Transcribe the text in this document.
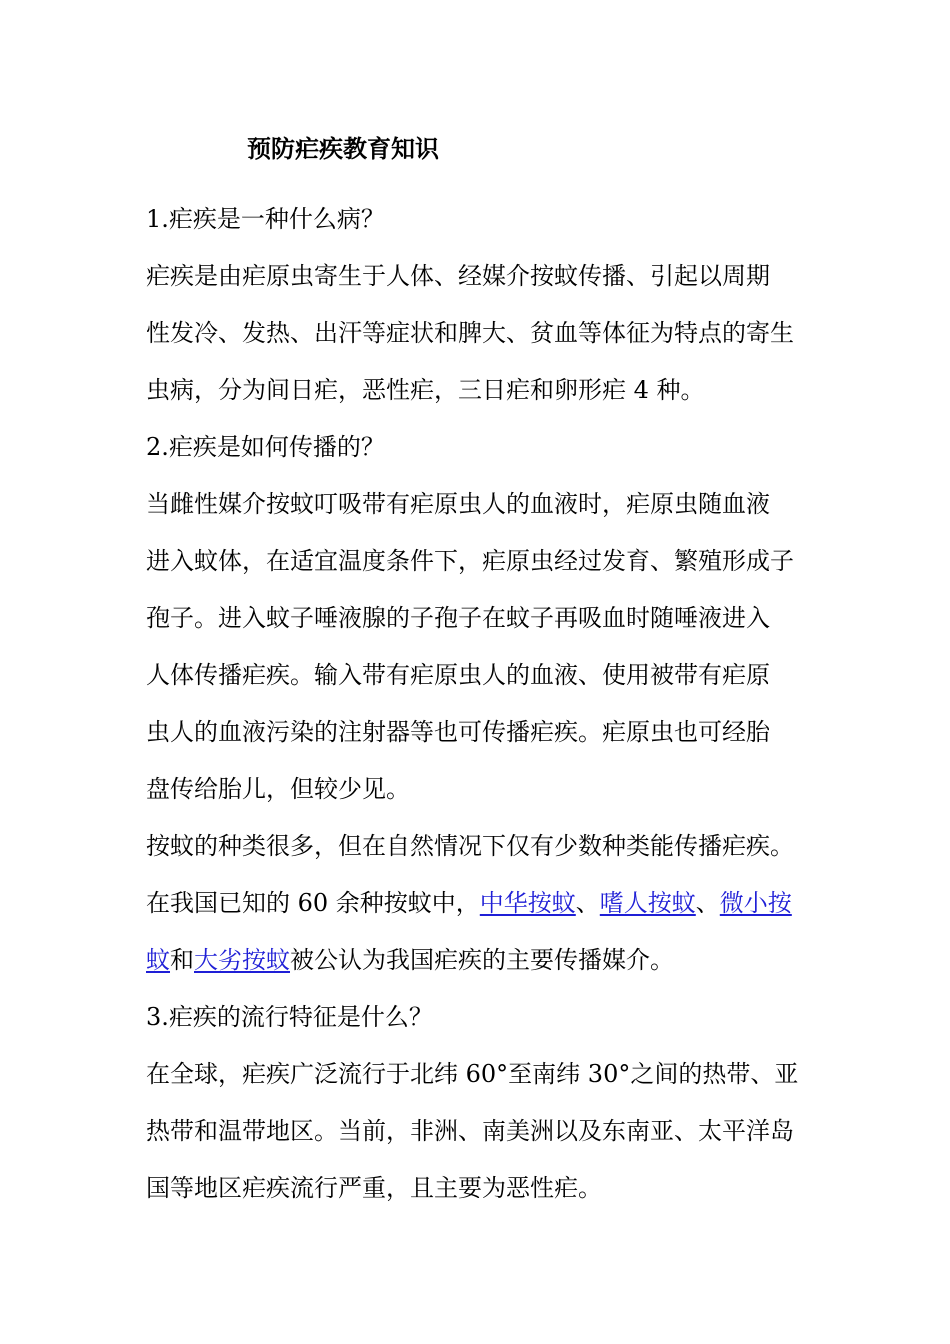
预防疟疾教育知识
1.疟疾是一种什么病？
疟疾是由疟原虫寄生于人体、经媒介按蚊传播、引起以周期
性发冷、发热、出汗等症状和脾大、贫血等体征为特点的寄生
虫病，分为间日疟，恶性疟，三日疟和卵形疟 4 种。
2.疟疾是如何传播的？
当雌性媒介按蚊叮吸带有疟原虫人的血液时，疟原虫随血液
进入蚊体，在适宜温度条件下，疟原虫经过发育、繁殖形成子
孢子。进入蚊子唾液腺的子孢子在蚊子再吸血时随唾液进入
人体传播疟疾。输入带有疟原虫人的血液、使用被带有疟原
虫人的血液污染的注射器等也可传播疟疾。疟原虫也可经胎
盘传给胎儿，但较少见。
按蚊的种类很多，但在自然情况下仅有少数种类能传播疟疾。
在我国已知的 60 余种按蚊中，中华按蚊、嗜人按蚊、微小按
蚊和大劣按蚊被公认为我国疟疾的主要传播媒介。
3.疟疾的流行特征是什么？
在全球，疟疾广泛流行于北纬 60°至南纬 30°之间的热带、亚
热带和温带地区。当前，非洲、南美洲以及东南亚、太平洋岛
国等地区疟疾流行严重，且主要为恶性疟。
